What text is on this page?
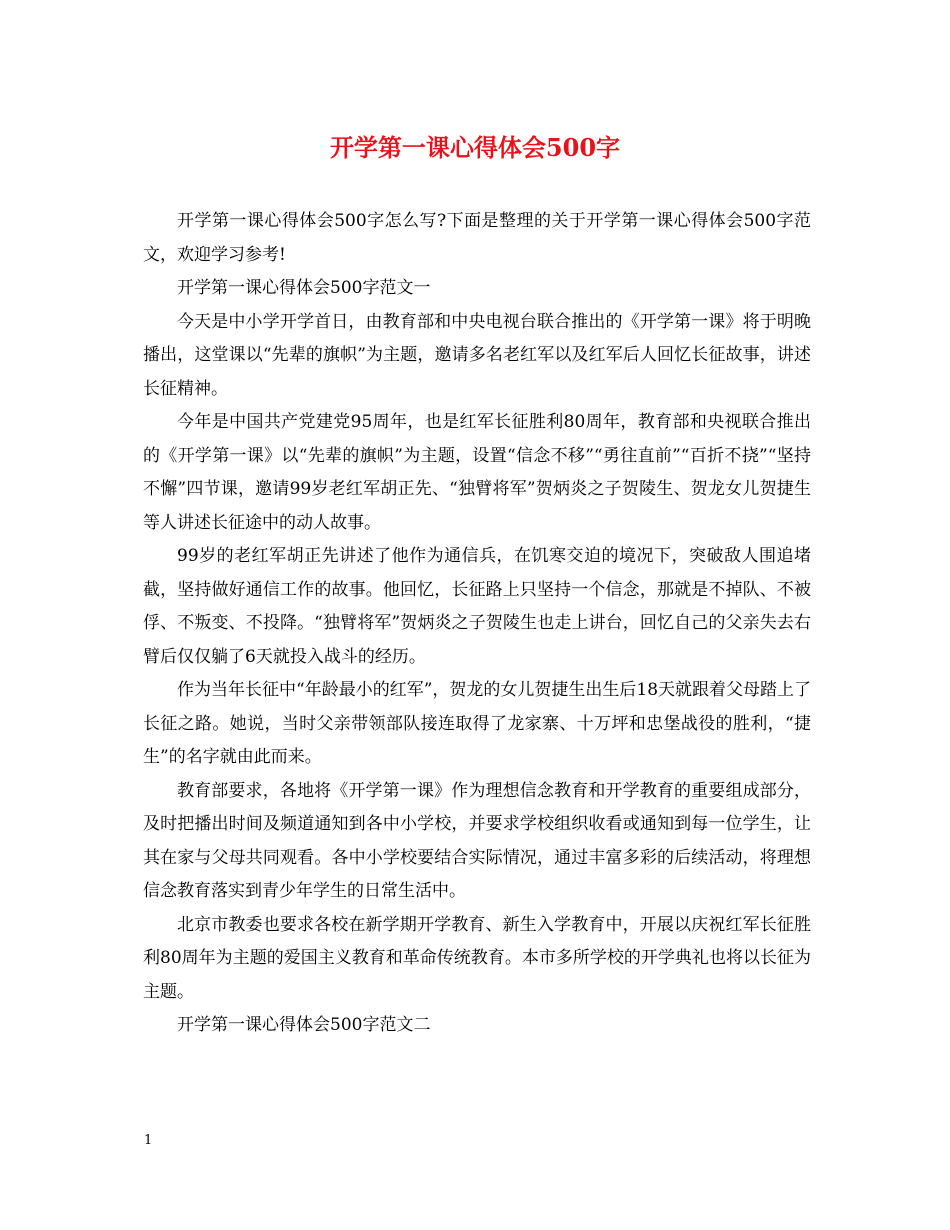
开学第一课心得体会500字

开学第一课心得体会500字怎么写?下面是整理的关于开学第一课心得体会500字范文，欢迎学习参考!

开学第一课心得体会500字范文一

今天是中小学开学首日，由教育部和中央电视台联合推出的《开学第一课》将于明晚播出，这堂课以“先辈的旗帜”为主题，邀请多名老红军以及红军后人回忆长征故事，讲述长征精神。

今年是中国共产党建党95周年，也是红军长征胜利80周年，教育部和央视联合推出的《开学第一课》以“先辈的旗帜”为主题，设置“信念不移”“勇往直前”“百折不挠”“坚持不懈”四节课，邀请99岁老红军胡正先、“独臂将军”贺炳炎之子贺陵生、贺龙女儿贺捷生等人讲述长征途中的动人故事。

99岁的老红军胡正先讲述了他作为通信兵，在饥寒交迫的境况下，突破敌人围追堵截，坚持做好通信工作的故事。他回忆，长征路上只坚持一个信念，那就是不掉队、不被俘、不叛变、不投降。“独臂将军”贺炳炎之子贺陵生也走上讲台，回忆自己的父亲失去右臂后仅仅躺了6天就投入战斗的经历。

作为当年长征中“年龄最小的红军”，贺龙的女儿贺捷生出生后18天就跟着父母踏上了长征之路。她说，当时父亲带领部队接连取得了龙家寨、十万坪和忠堡战役的胜利，“捷生”的名字就由此而来。

教育部要求，各地将《开学第一课》作为理想信念教育和开学教育的重要组成部分，及时把播出时间及频道通知到各中小学校，并要求学校组织收看或通知到每一位学生，让其在家与父母共同观看。各中小学校要结合实际情况，通过丰富多彩的后续活动，将理想信念教育落实到青少年学生的日常生活中。

北京市教委也要求各校在新学期开学教育、新生入学教育中，开展以庆祝红军长征胜利80周年为主题的爱国主义教育和革命传统教育。本市多所学校的开学典礼也将以长征为主题。

开学第一课心得体会500字范文二

1
